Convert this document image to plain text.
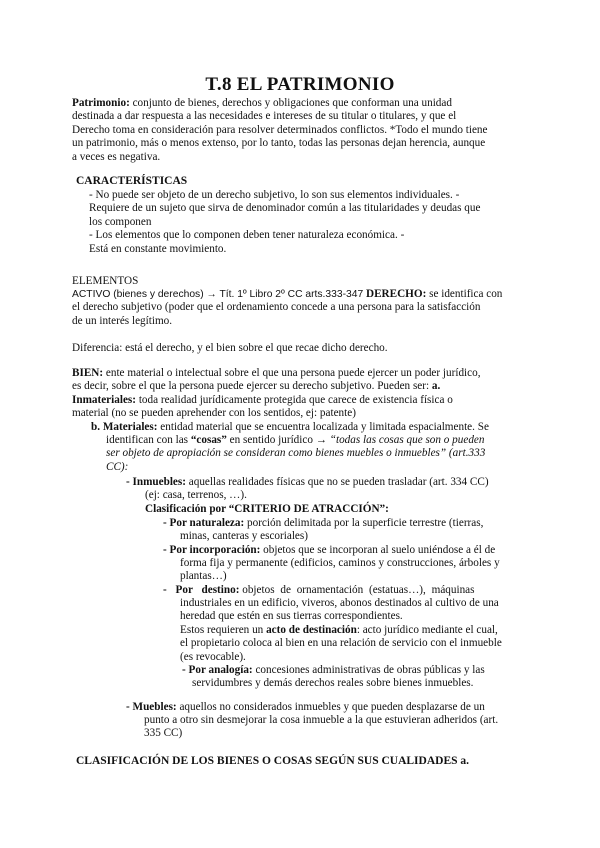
T.8 EL PATRIMONIO
Patrimonio: conjunto de bienes, derechos y obligaciones que conforman una unidad
destinada a dar respuesta a las necesidades e intereses de su titular o titulares, y que el
Derecho toma en consideración para resolver determinados conflictos. *Todo el mundo tiene
un patrimonio, más o menos extenso, por lo tanto, todas las personas dejan herencia, aunque
a veces es negativa.
CARACTERÍSTICAS
- No puede ser objeto de un derecho subjetivo, lo son sus elementos individuales. -
Requiere de un sujeto que sirva de denominador común a las titularidades y deudas que
los componen
- Los elementos que lo componen deben tener naturaleza económica. -
Está en constante movimiento.
ELEMENTOS
ACTIVO (bienes y derechos) → Tít. 1º Libro 2º CC arts.333-347 DERECHO: se identifica con
el derecho subjetivo (poder que el ordenamiento concede a una persona para la satisfacción
de un interés legítimo.
Diferencia: está el derecho, y el bien sobre el que recae dicho derecho.
BIEN: ente material o intelectual sobre el que una persona puede ejercer un poder jurídico,
es decir, sobre el que la persona puede ejercer su derecho subjetivo. Pueden ser: a.
Inmateriales: toda realidad jurídicamente protegida que carece de existencia física o
material (no se pueden aprehender con los sentidos, ej: patente)
b. Materiales: entidad material que se encuentra localizada y limitada espacialmente. Se
identifican con las “cosas” en sentido jurídico → “todas las cosas que son o pueden
ser objeto de apropiación se consideran como bienes muebles o inmuebles” (art.333
CC):
- Inmuebles: aquellas realidades físicas que no se pueden trasladar (art. 334 CC)
(ej: casa, terrenos, …).
Clasificación por “CRITERIO DE ATRACCIÓN”:
- Por naturaleza: porción delimitada por la superficie terrestre (tierras,
minas, canteras y escoriales)
- Por incorporación: objetos que se incorporan al suelo uniéndose a él de
forma fija y permanente (edificios, caminos y construcciones, árboles y
plantas…)
- Por destino: objetos de ornamentación (estatuas…), máquinas
industriales en un edificio, viveros, abonos destinados al cultivo de una
heredad que estén en sus tierras correspondientes.
Estos requieren un acto de destinación: acto jurídico mediante el cual,
el propietario coloca al bien en una relación de servicio con el inmueble
(es revocable).
- Por analogía: concesiones administrativas de obras públicas y las
servidumbres y demás derechos reales sobre bienes inmuebles.
- Muebles: aquellos no considerados inmuebles y que pueden desplazarse de un
punto a otro sin desmejorar la cosa inmueble a la que estuvieran adheridos (art.
335 CC)
CLASIFICACIÓN DE LOS BIENES O COSAS SEGÚN SUS CUALIDADES a.
